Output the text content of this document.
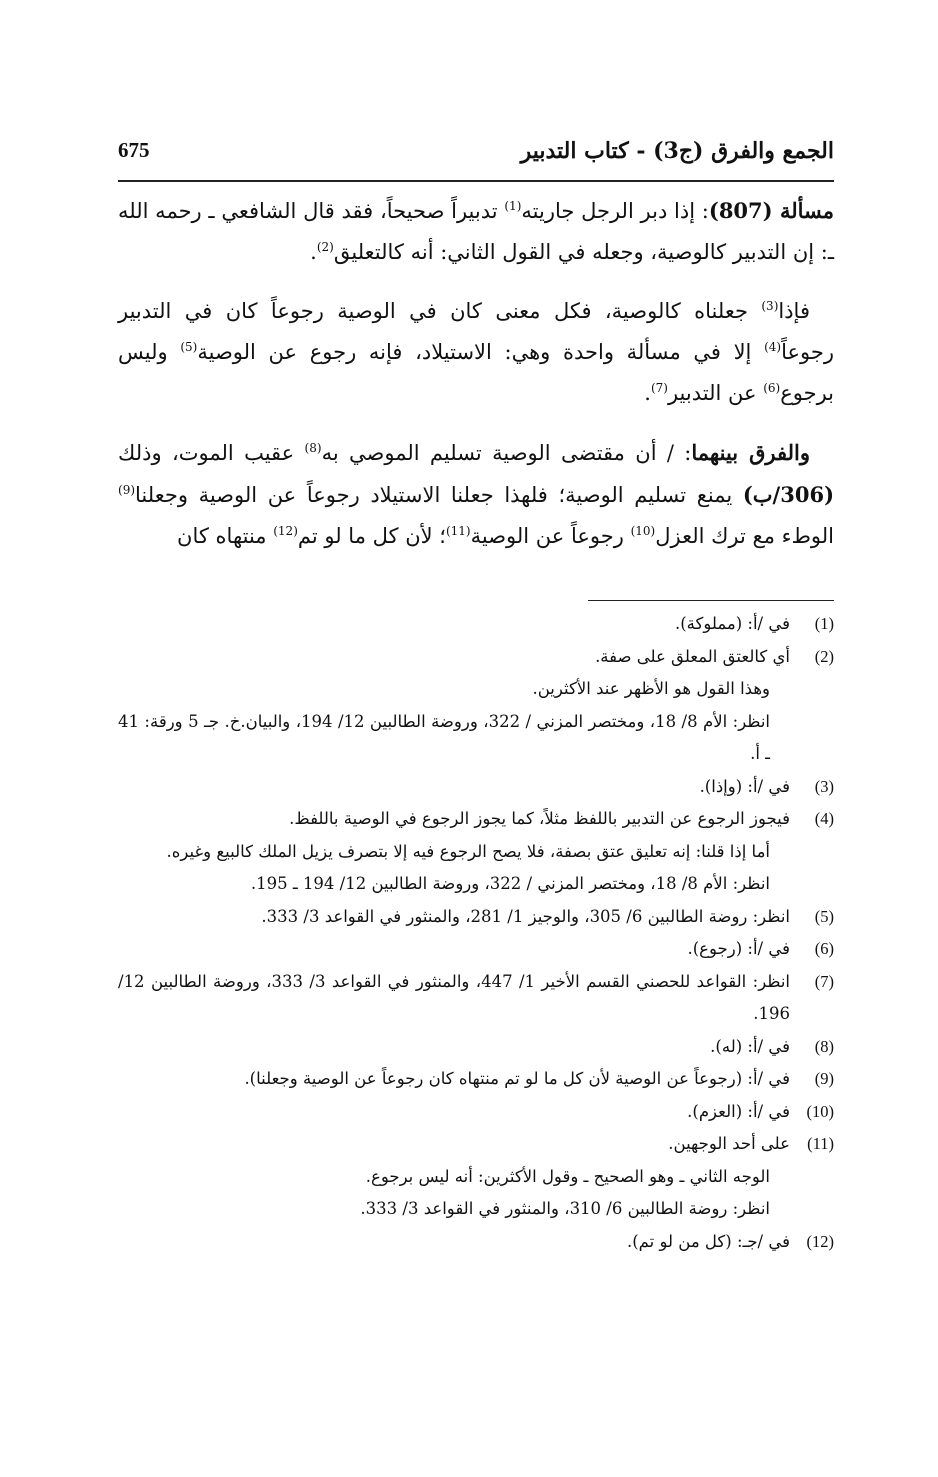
الجمع والفرق (ج3) - كتاب التدبير
675

مسألة (807): إذا دبر الرجل جاريته$^{(1)}$ تدبيراً صحيحاً، فقد قال الشافعي ـ رحمه الله ـ: إن التدبير كالوصية، وجعله في القول الثاني: أنه كالتعليق$^{(2)}$.

فإذا$^{(3)}$ جعلناه كالوصية، فكل معنى كان في الوصية رجوعاً كان في التدبير رجوعاً$^{(4)}$ إلا في مسألة واحدة وهي: الاستيلاد، فإنه رجوع عن الوصية$^{(5)}$ وليس برجوع$^{(6)}$ عن التدبير$^{(7)}$.

والفرق بينهما: / أن مقتضى الوصية تسليم الموصي به$^{(8)}$ عقيب الموت، وذلك (306/ب) يمنع تسليم الوصية؛ فلهذا جعلنا الاستيلاد رجوعاً عن الوصية وجعلنا$^{(9)}$ الوطء مع ترك العزل$^{(10)}$ رجوعاً عن الوصية$^{(11)}$؛ لأن كل ما لو تم$^{(12)}$ منتهاه كان

(1)
في /أ: (مملوكة).
(2)
أي كالعتق المعلق على صفة.
وهذا القول هو الأظهر عند الأكثرين.
انظر: الأم 8/ 18، ومختصر المزني / 322، وروضة الطالبين 12/ 194، والبيان.خ. جـ 5 ورقة: 41 ـ أ.
(3)
في /أ: (وإذا).
(4)
فيجوز الرجوع عن التدبير باللفظ مثلاً، كما يجوز الرجوع في الوصية باللفظ.
أما إذا قلنا: إنه تعليق عتق بصفة، فلا يصح الرجوع فيه إلا بتصرف يزيل الملك كالبيع وغيره.
انظر: الأم 8/ 18، ومختصر المزني / 322، وروضة الطالبين 12/ 194 ـ 195.
(5)
انظر: روضة الطالبين 6/ 305، والوجيز 1/ 281، والمنثور في القواعد 3/ 333.
(6)
في /أ: (رجوع).
(7)
انظر: القواعد للحصني القسم الأخير 1/ 447، والمنثور في القواعد 3/ 333، وروضة الطالبين 12/ 196.
(8)
في /أ: (له).
(9)
في /أ: (رجوعاً عن الوصية لأن كل ما لو تم منتهاه كان رجوعاً عن الوصية وجعلنا).
(10)
في /أ: (العزم).
(11)
على أحد الوجهين.
الوجه الثاني ـ وهو الصحيح ـ وقول الأكثرين: أنه ليس برجوع.
انظر: روضة الطالبين 6/ 310، والمنثور في القواعد 3/ 333.
(12)
في /جـ: (كل من لو تم).
